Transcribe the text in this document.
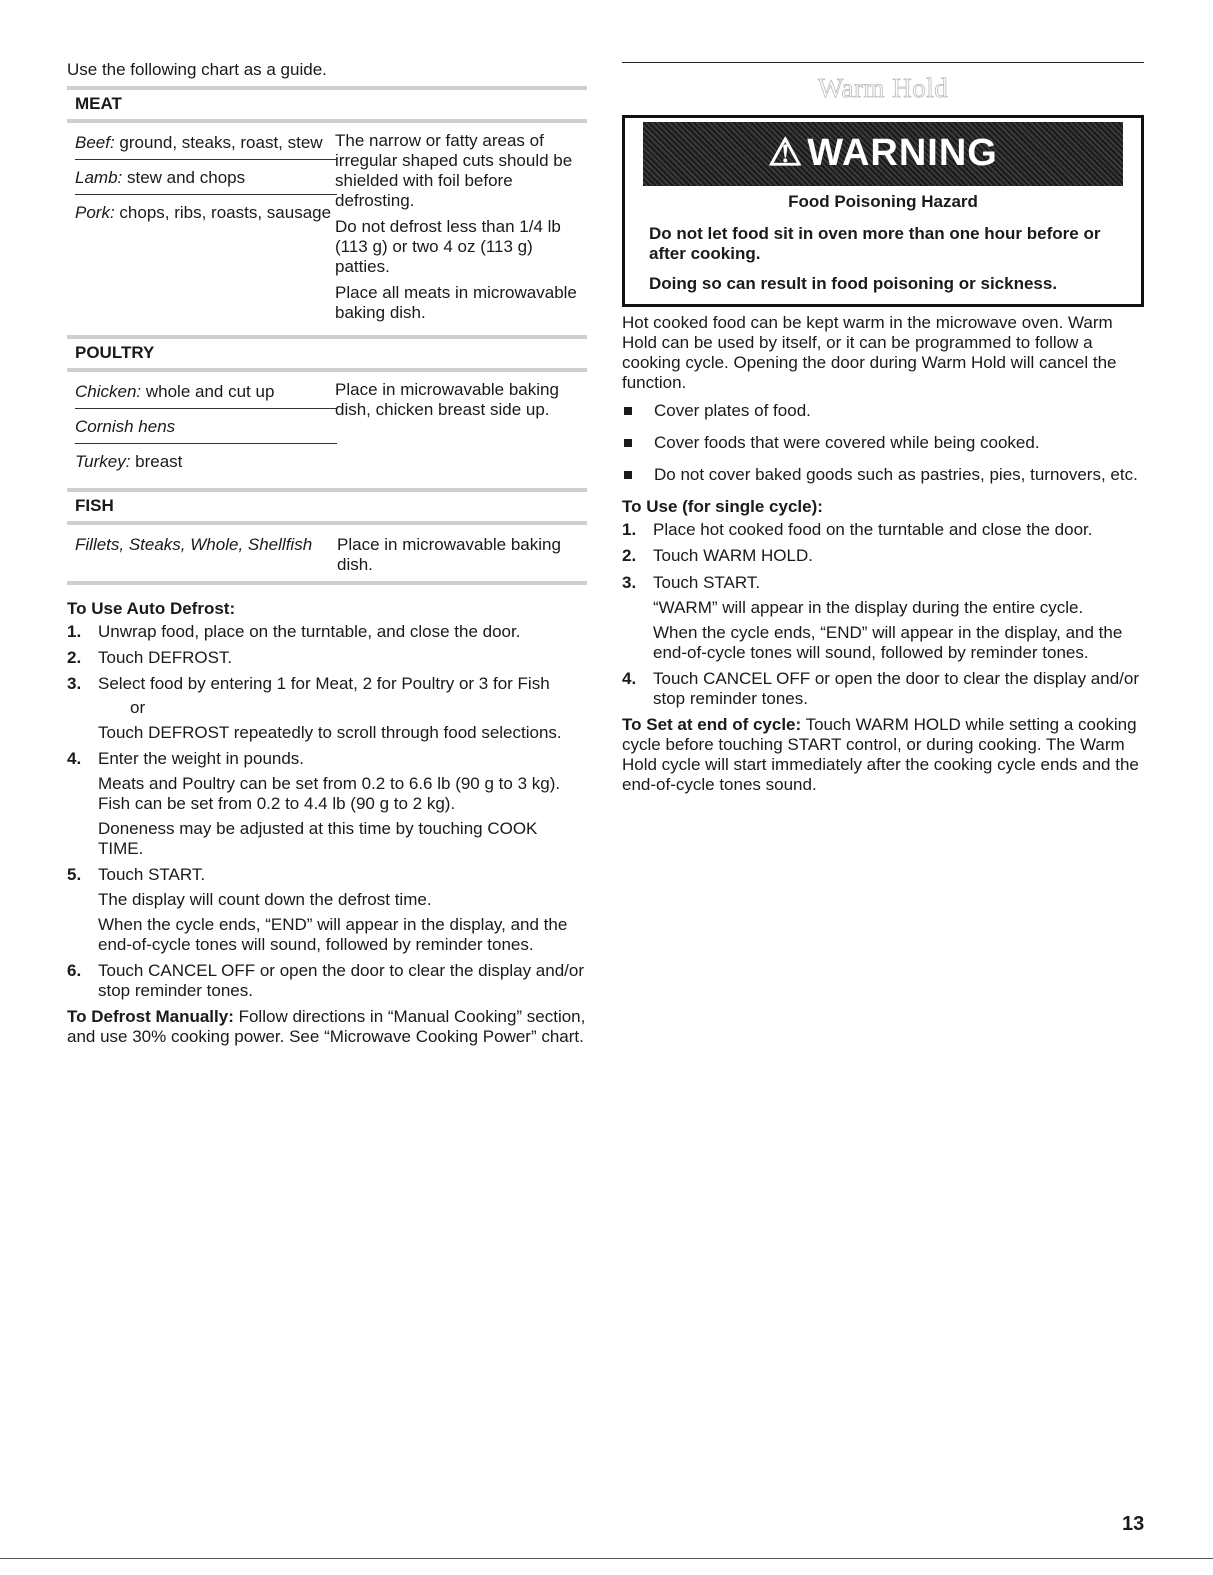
Use the following chart as a guide.

MEAT
Beef: ground, steaks, roast, stew
Lamb: stew and chops
Pork: chops, ribs, roasts, sausage

The narrow or fatty areas of irregular shaped cuts should be shielded with foil before defrosting.

Do not defrost less than 1/4 lb (113 g) or two 4 oz (113 g) patties.

Place all meats in microwavable baking dish.

POULTRY
Chicken: whole and cut up
Cornish hens
Turkey: breast

Place in microwavable baking dish, chicken breast side up.

FISH
Fillets, Steaks, Whole, Shellfish	Place in microwavable baking dish.
To Use Auto Defrost:
1. Unwrap food, place on the turntable, and close the door.
2. Touch DEFROST.
3. Select food by entering 1 for Meat, 2 for Poultry or 3 for Fish
or
Touch DEFROST repeatedly to scroll through food selections.
4. Enter the weight in pounds.

Meats and Poultry can be set from 0.2 to 6.6 lb (90 g to 3 kg). Fish can be set from 0.2 to 4.4 lb (90 g to 2 kg).

Doneness may be adjusted at this time by touching COOK TIME.

5. Touch START.

The display will count down the defrost time.

When the cycle ends, “END” will appear in the display, and the end-of-cycle tones will sound, followed by reminder tones.

6. Touch CANCEL OFF or open the door to clear the display and/or stop reminder tones.

To Defrost Manually: Follow directions in “Manual Cooking” section, and use 30% cooking power. See “Microwave Cooking Power” chart.

Warm Hold
⚠ WARNING
Food Poisoning Hazard

Do not let food sit in oven more than one hour before or after cooking.

Doing so can result in food poisoning or sickness.

Hot cooked food can be kept warm in the microwave oven. Warm Hold can be used by itself, or it can be programmed to follow a cooking cycle. Opening the door during Warm Hold will cancel the function.

Cover plates of food.
Cover foods that were covered while being cooked.
Do not cover baked goods such as pastries, pies, turnovers, etc.
To Use (for single cycle):
1. Place hot cooked food on the turntable and close the door.
2. Touch WARM HOLD.
3. Touch START.

“WARM” will appear in the display during the entire cycle.

When the cycle ends, “END” will appear in the display, and the end-of-cycle tones will sound, followed by reminder tones.

4. Touch CANCEL OFF or open the door to clear the display and/or stop reminder tones.

To Set at end of cycle: Touch WARM HOLD while setting a cooking cycle before touching START control, or during cooking. The Warm Hold cycle will start immediately after the cooking cycle ends and the end-of-cycle tones sound.

13
